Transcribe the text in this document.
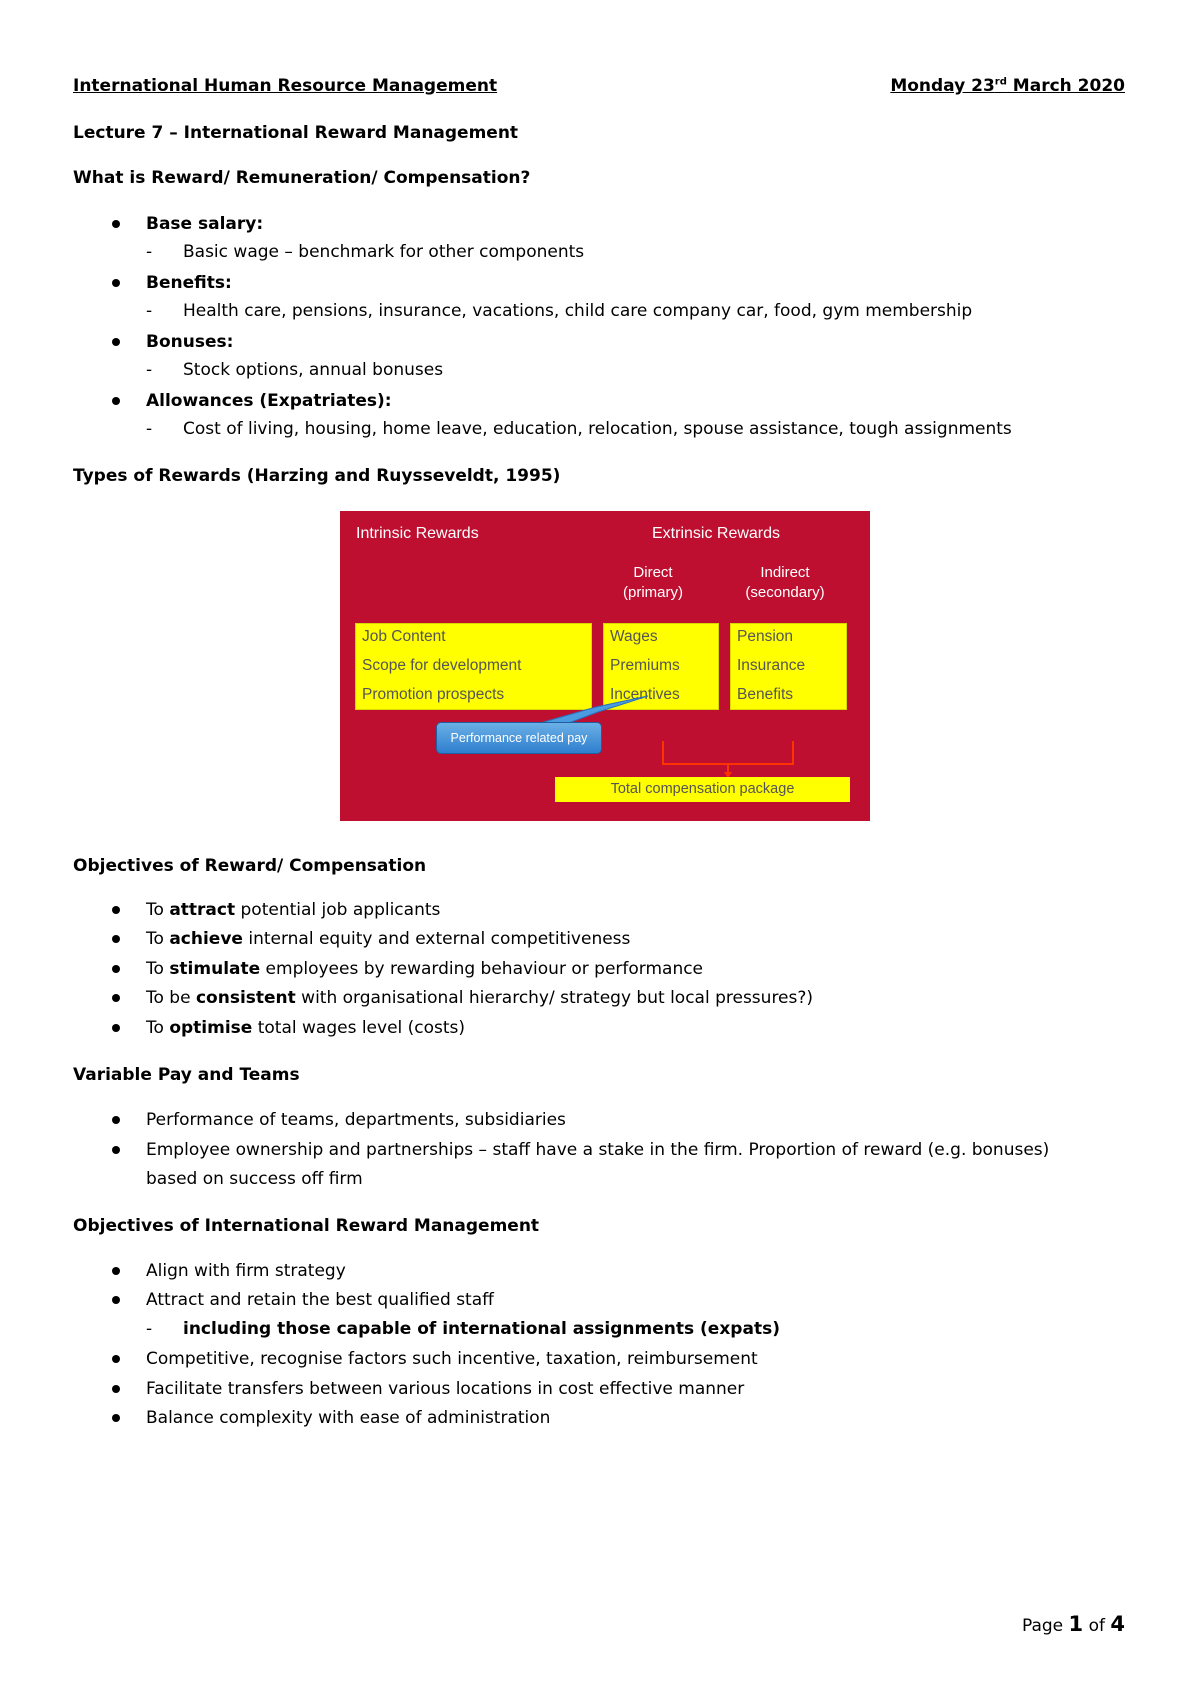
International Human Resource Management	Monday 23rd March 2020
Lecture 7 – International Reward Management
What is Reward/ Remuneration/ Compensation?
Base salary:
- Basic wage – benchmark for other components
Benefits:
- Health care, pensions, insurance, vacations, child care company car, food, gym membership
Bonuses:
- Stock options, annual bonuses
Allowances (Expatriates):
- Cost of living, housing, home leave, education, relocation, spouse assistance, tough assignments
Types of Rewards (Harzing and Ruysseveldt, 1995)
Intrinsic Rewards	Extrinsic Rewards
Direct
(primary)
Indirect
(secondary)
Job Content
Scope for development
Promotion prospects
Wages
Premiums
Incentives
Pension
Insurance
Benefits
Performance related pay
Total compensation package
Objectives of Reward/ Compensation
To attract potential job applicants
To achieve internal equity and external competitiveness
To stimulate employees by rewarding behaviour or performance
To be consistent with organisational hierarchy/ strategy but local pressures?)
To optimise total wages level (costs)
Variable Pay and Teams
Performance of teams, departments, subsidiaries
Employee ownership and partnerships – staff have a stake in the firm. Proportion of reward (e.g. bonuses)
based on success off firm
Objectives of International Reward Management
Align with firm strategy
Attract and retain the best qualified staff
- including those capable of international assignments (expats)
Competitive, recognise factors such incentive, taxation, reimbursement
Facilitate transfers between various locations in cost effective manner
Balance complexity with ease of administration
Page 1 of 4
